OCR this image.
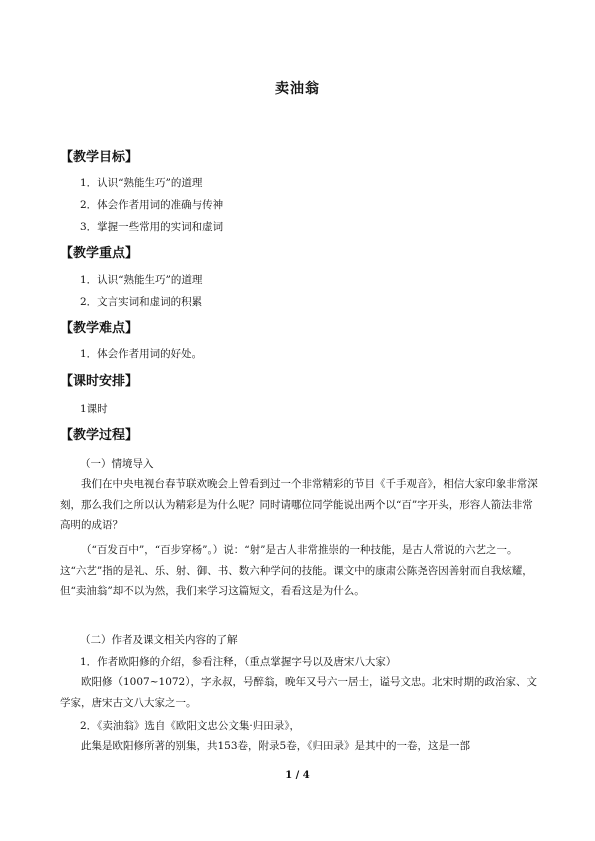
卖油翁
【教学目标】
1．认识“熟能生巧”的道理
2．体会作者用词的准确与传神
3．掌握一些常用的实词和虚词
【教学重点】
1．认识“熟能生巧”的道理
2．文言实词和虚词的积累
【教学难点】
1．体会作者用词的好处。
【课时安排】
1课时
【教学过程】
（一）情境导入

我们在中央电视台春节联欢晚会上曾看到过一个非常精彩的节目《千手观音》，相信大家印象非常深刻，那么我们之所以认为精彩是为什么呢？同时请哪位同学能说出两个以“百”字开头，形容人箭法非常高明的成语？

（“百发百中”，“百步穿杨”。）说：“射”是古人非常推崇的一种技能，是古人常说的六艺之一。这“六艺”指的是礼、乐、射、御、书、数六种学问的技能。课文中的康肃公陈尧咨因善射而自我炫耀，但“卖油翁”却不以为然，我们来学习这篇短文，看看这是为什么。

（二）作者及课文相关内容的了解
1．作者欧阳修的介绍，参看注释，（重点掌握字号以及唐宋八大家）

欧阳修（1007~1072），字永叔，号醉翁，晚年又号六一居士，谥号文忠。北宋时期的政治家、文学家，唐宋古文八大家之一。

2．《卖油翁》选自《欧阳文忠公文集·归田录》，

此集是欧阳修所著的别集，共153卷，附录5卷，《归田录》是其中的一卷，这是一部

1 / 4
